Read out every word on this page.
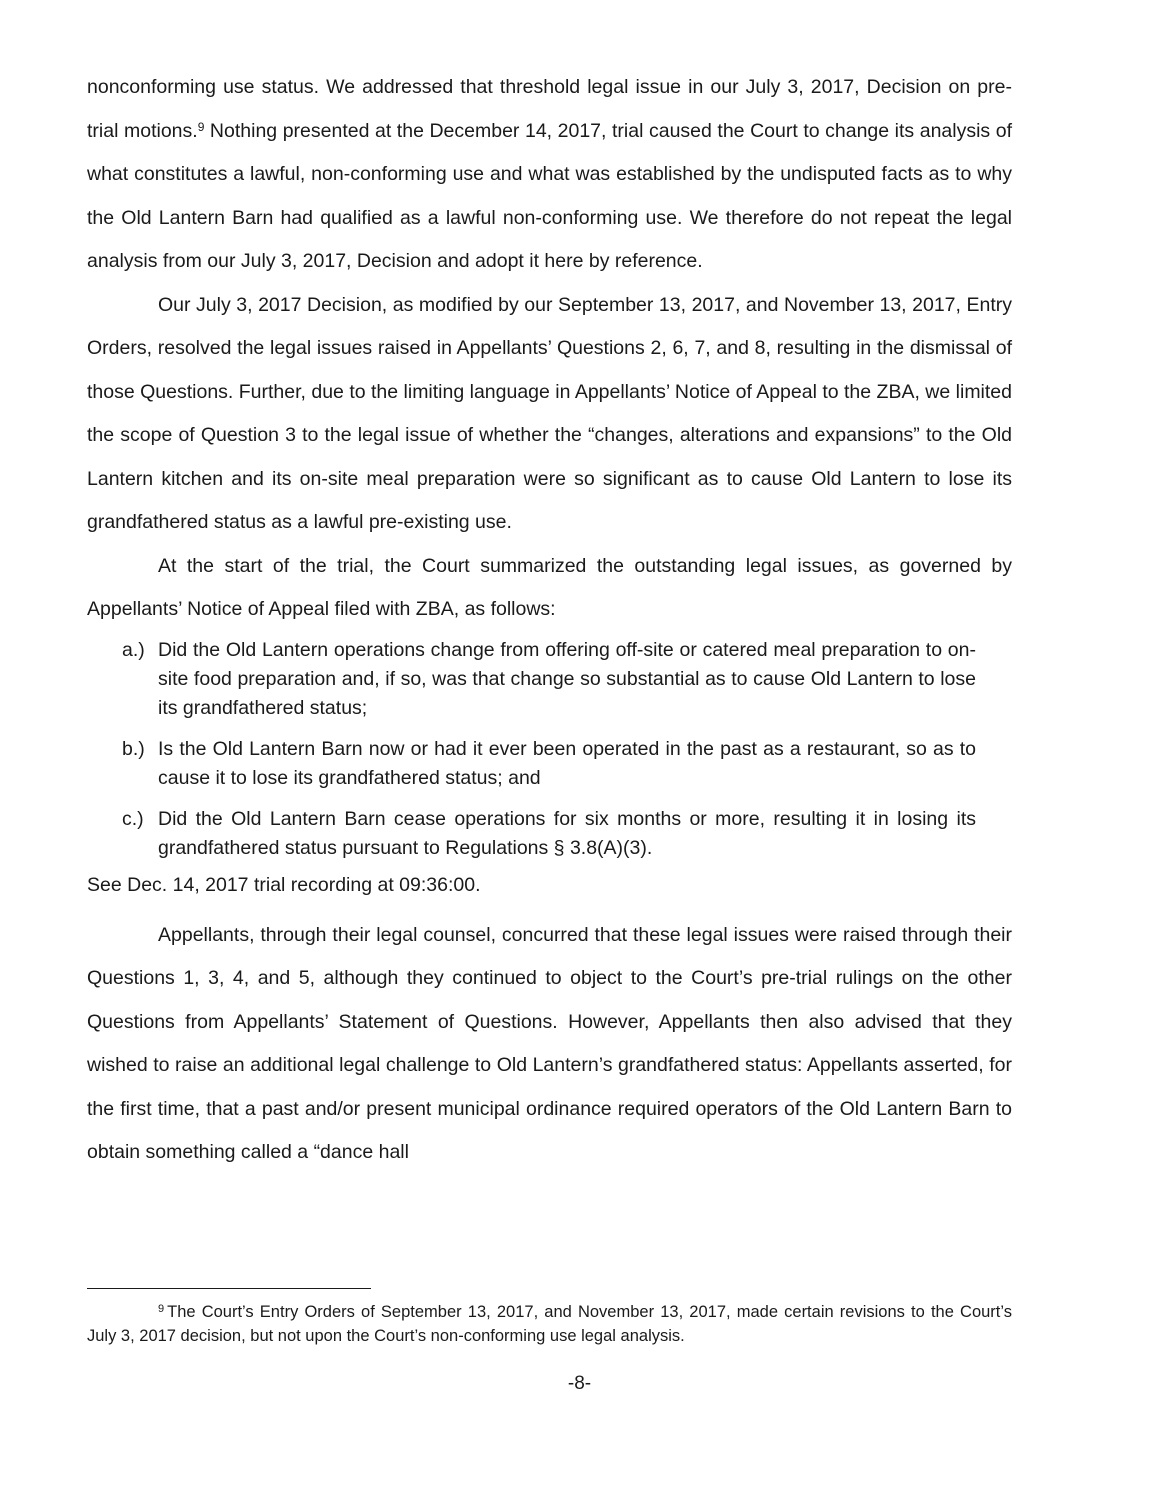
nonconforming use status. We addressed that threshold legal issue in our July 3, 2017, Decision on pre-trial motions.$^9$ Nothing presented at the December 14, 2017, trial caused the Court to change its analysis of what constitutes a lawful, non-conforming use and what was established by the undisputed facts as to why the Old Lantern Barn had qualified as a lawful non-conforming use. We therefore do not repeat the legal analysis from our July 3, 2017, Decision and adopt it here by reference.

Our July 3, 2017 Decision, as modified by our September 13, 2017, and November 13, 2017, Entry Orders, resolved the legal issues raised in Appellants’ Questions 2, 6, 7, and 8, resulting in the dismissal of those Questions. Further, due to the limiting language in Appellants’ Notice of Appeal to the ZBA, we limited the scope of Question 3 to the legal issue of whether the “changes, alterations and expansions” to the Old Lantern kitchen and its on-site meal preparation were so significant as to cause Old Lantern to lose its grandfathered status as a lawful pre-existing use.

At the start of the trial, the Court summarized the outstanding legal issues, as governed by Appellants’ Notice of Appeal filed with ZBA, as follows:

a.) Did the Old Lantern operations change from offering off-site or catered meal preparation to on-site food preparation and, if so, was that change so substantial as to cause Old Lantern to lose its grandfathered status;
b.) Is the Old Lantern Barn now or had it ever been operated in the past as a restaurant, so as to cause it to lose its grandfathered status; and
c.) Did the Old Lantern Barn cease operations for six months or more, resulting it in losing its grandfathered status pursuant to Regulations § 3.8(A)(3).

See Dec. 14, 2017 trial recording at 09:36:00.

Appellants, through their legal counsel, concurred that these legal issues were raised through their Questions 1, 3, 4, and 5, although they continued to object to the Court’s pre-trial rulings on the other Questions from Appellants’ Statement of Questions. However, Appellants then also advised that they wished to raise an additional legal challenge to Old Lantern’s grandfathered status: Appellants asserted, for the first time, that a past and/or present municipal ordinance required operators of the Old Lantern Barn to obtain something called a “dance hall

$^9$ The Court’s Entry Orders of September 13, 2017, and November 13, 2017, made certain revisions to the Court’s July 3, 2017 decision, but not upon the Court’s non-conforming use legal analysis.

-8-
